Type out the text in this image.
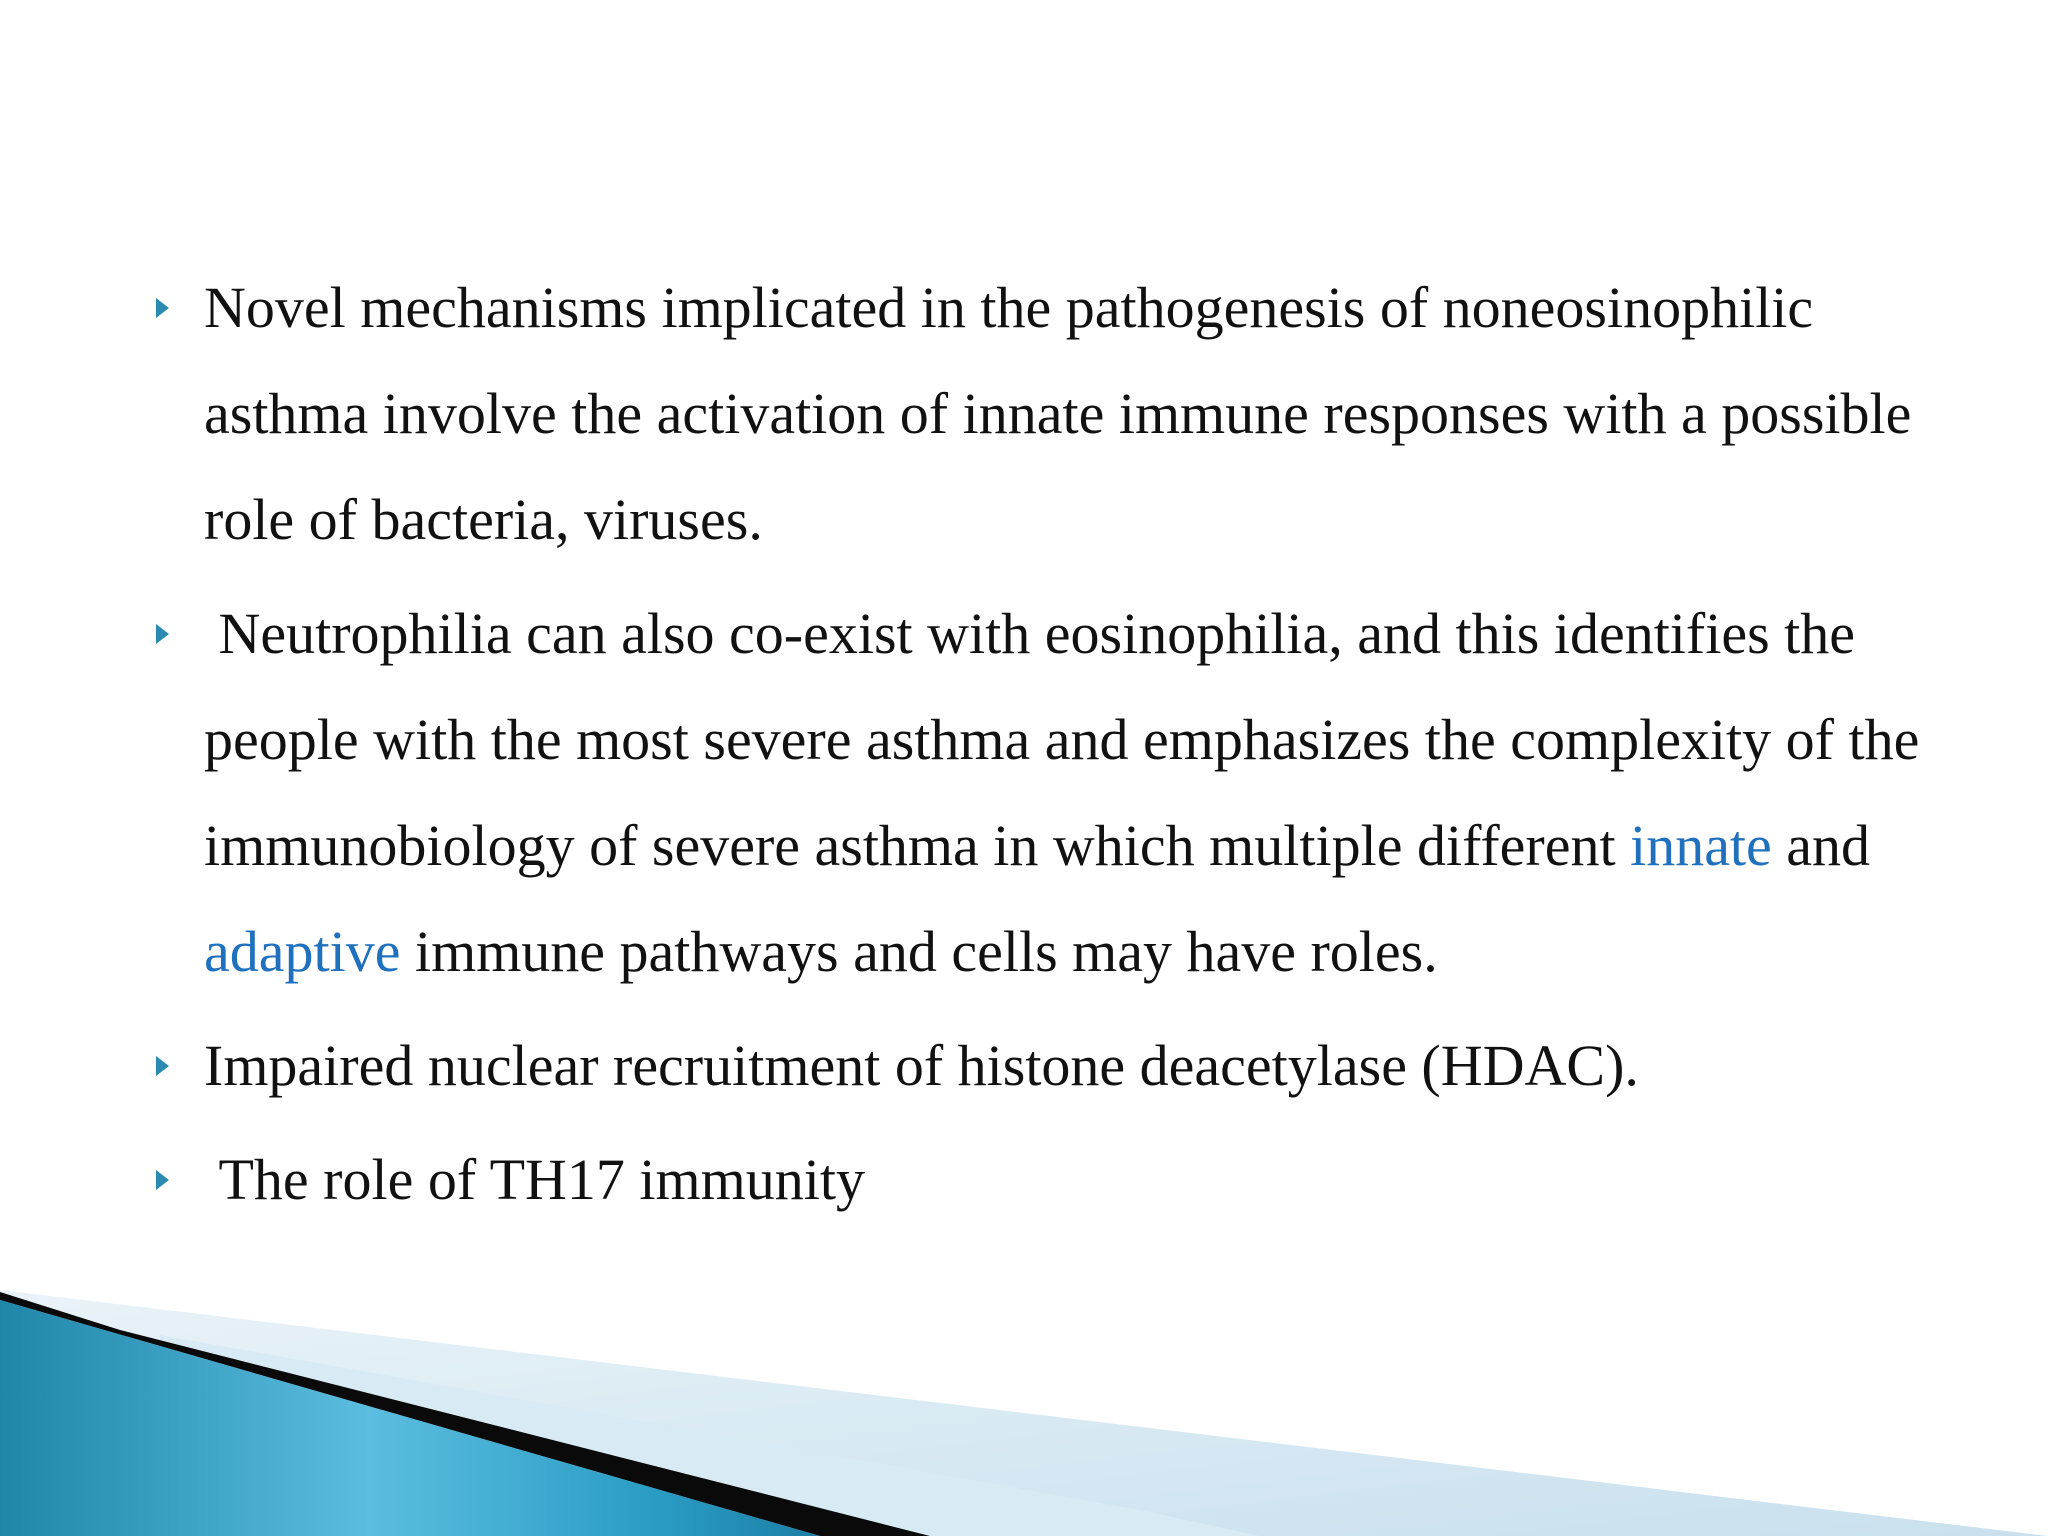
Novel mechanisms implicated in the pathogenesis of noneosinophilic asthma involve the activation of innate immune responses with a possible role of bacteria, viruses.
Neutrophilia can also co-exist with eosinophilia, and this identifies the people with the most severe asthma and emphasizes the complexity of the immunobiology of severe asthma in which multiple different innate and adaptive immune pathways and cells may have roles.
Impaired nuclear recruitment of histone deacetylase (HDAC).
The role of TH17 immunity
